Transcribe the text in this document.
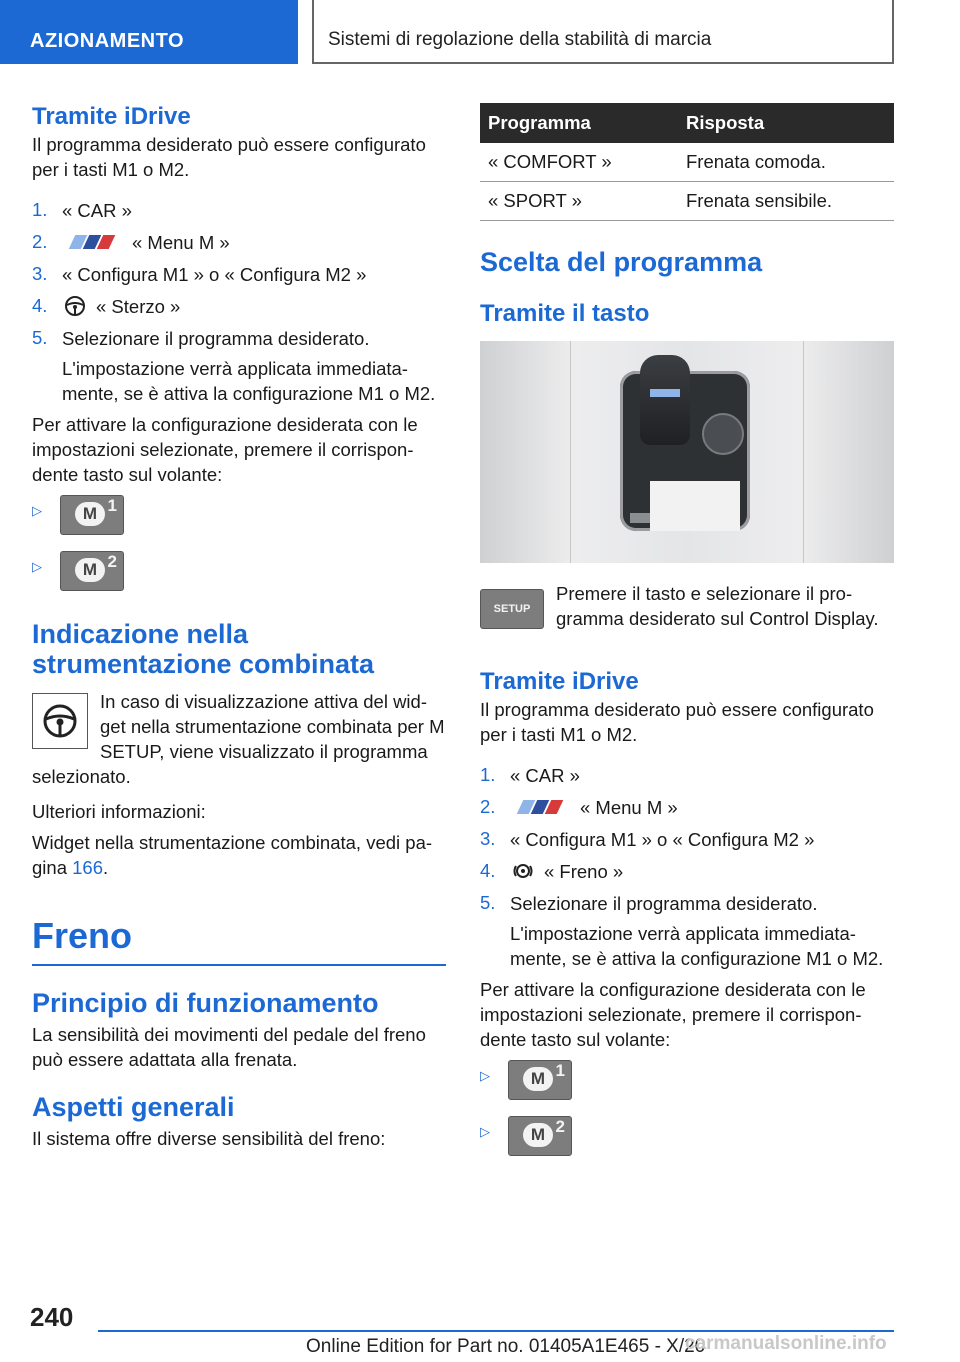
AZIONAMENTO	Sistemi di regolazione della stabilità di marcia
Tramite iDrive

Il programma desiderato può essere configurato per i tasti M1 o M2.

1. « CAR »
2.	« Menu M »
3. « Configura M1 » o « Configura M2 »
4.	« Sterzo »
5. Selezionare il programma desiderato.

L'impostazione verrà applicata immediatamente, se è attiva la configurazione M1 o M2.

Per attivare la configurazione desiderata con le impostazioni selezionate, premere il corrispondente tasto sul volante:

▷	M 1
▷	M 2
Indicazione nella strumentazione combinata

In caso di visualizzazione attiva del widget nella strumentazione combinata per M SETUP, viene visualizzato il programma selezionato.

Ulteriori informazioni:

Widget nella strumentazione combinata, vedi pagina 166.

Freno
Principio di funzionamento

La sensibilità dei movimenti del pedale del freno può essere adattata alla frenata.

Aspetti generali

Il sistema offre diverse sensibilità del freno:

Programma	Risposta
« COMFORT »	Frenata comoda.
« SPORT »	Frenata sensibile.
Scelta del programma
Tramite il tasto
SETUP

Premere il tasto e selezionare il programma desiderato sul Control Display.

Tramite iDrive

Il programma desiderato può essere configurato per i tasti M1 o M2.

1. « CAR »
2.	« Menu M »
3. « Configura M1 » o « Configura M2 »
4.	« Freno »
5. Selezionare il programma desiderato.

L'impostazione verrà applicata immediatamente, se è attiva la configurazione M1 o M2.

Per attivare la configurazione desiderata con le impostazioni selezionate, premere il corrispondente tasto sul volante:

▷	M 1
▷	M 2
240
Online Edition for Part no. 01405A1E465 - X/20
carmanualsonline.info
